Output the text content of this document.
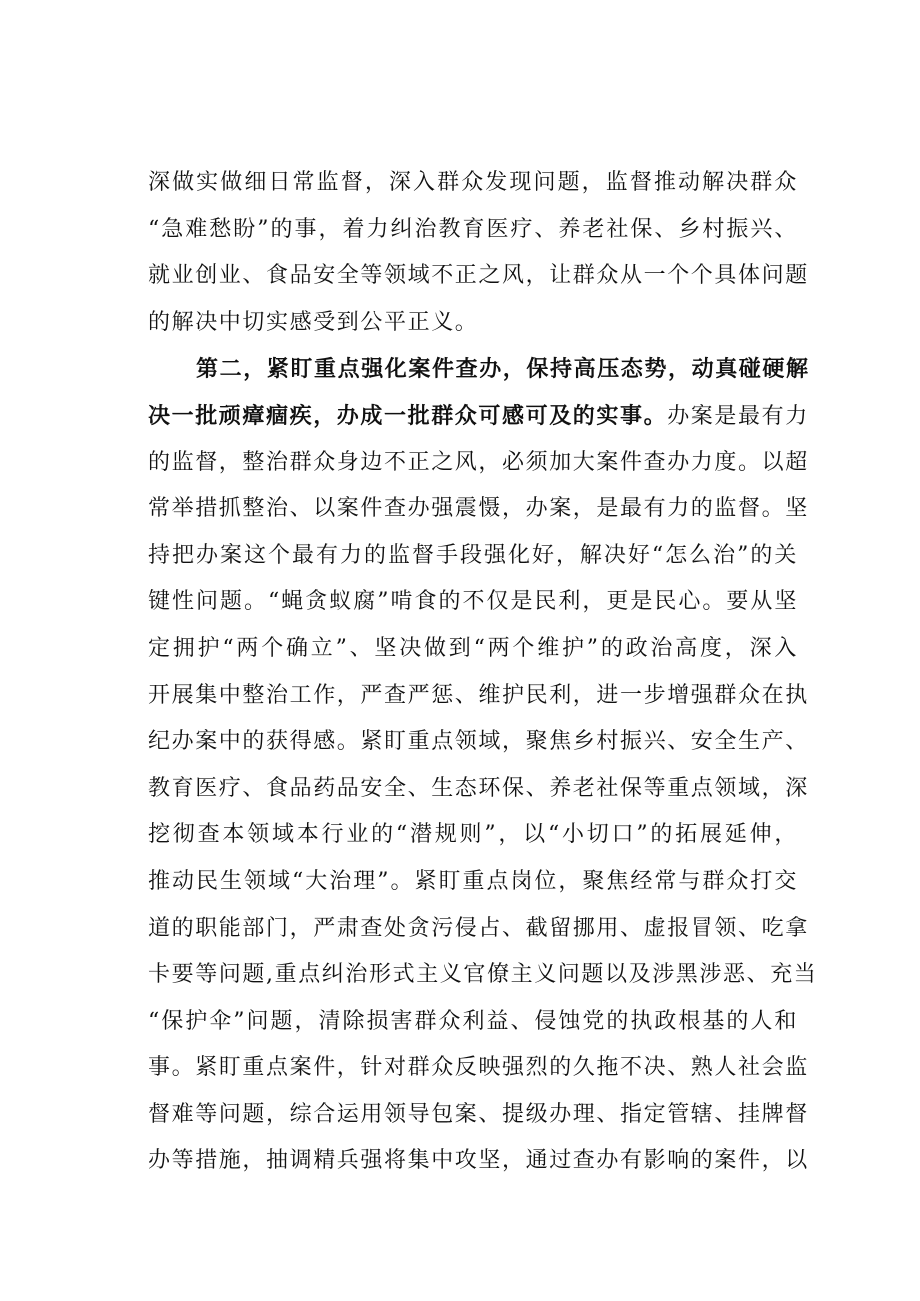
深做实做细日常监督，深入群众发现问题，监督推动解决群众
“急难愁盼”的事，着力纠治教育医疗、养老社保、乡村振兴、
就业创业、食品安全等领域不正之风，让群众从一个个具体问题
的解决中切实感受到公平正义。
第二，紧盯重点强化案件查办，保持高压态势，动真碰硬解
决一批顽瘴痼疾，办成一批群众可感可及的实事。办案是最有力
的监督，整治群众身边不正之风，必须加大案件查办力度。以超
常举措抓整治、以案件查办强震慑，办案，是最有力的监督。坚
持把办案这个最有力的监督手段强化好，解决好“怎么治”的关
键性问题。“蝇贪蚁腐”啃食的不仅是民利，更是民心。要从坚
定拥护“两个确立”、坚决做到“两个维护”的政治高度，深入
开展集中整治工作，严查严惩、维护民利，进一步增强群众在执
纪办案中的获得感。紧盯重点领域，聚焦乡村振兴、安全生产、
教育医疗、食品药品安全、生态环保、养老社保等重点领域，深
挖彻查本领域本行业的“潜规则”，以“小切口”的拓展延伸，
推动民生领域“大治理”。紧盯重点岗位，聚焦经常与群众打交
道的职能部门，严肃查处贪污侵占、截留挪用、虚报冒领、吃拿
卡要等问题,重点纠治形式主义官僚主义问题以及涉黑涉恶、充当
“保护伞”问题，清除损害群众利益、侵蚀党的执政根基的人和
事。紧盯重点案件，针对群众反映强烈的久拖不决、熟人社会监
督难等问题，综合运用领导包案、提级办理、指定管辖、挂牌督
办等措施，抽调精兵强将集中攻坚，通过查办有影响的案件，以
